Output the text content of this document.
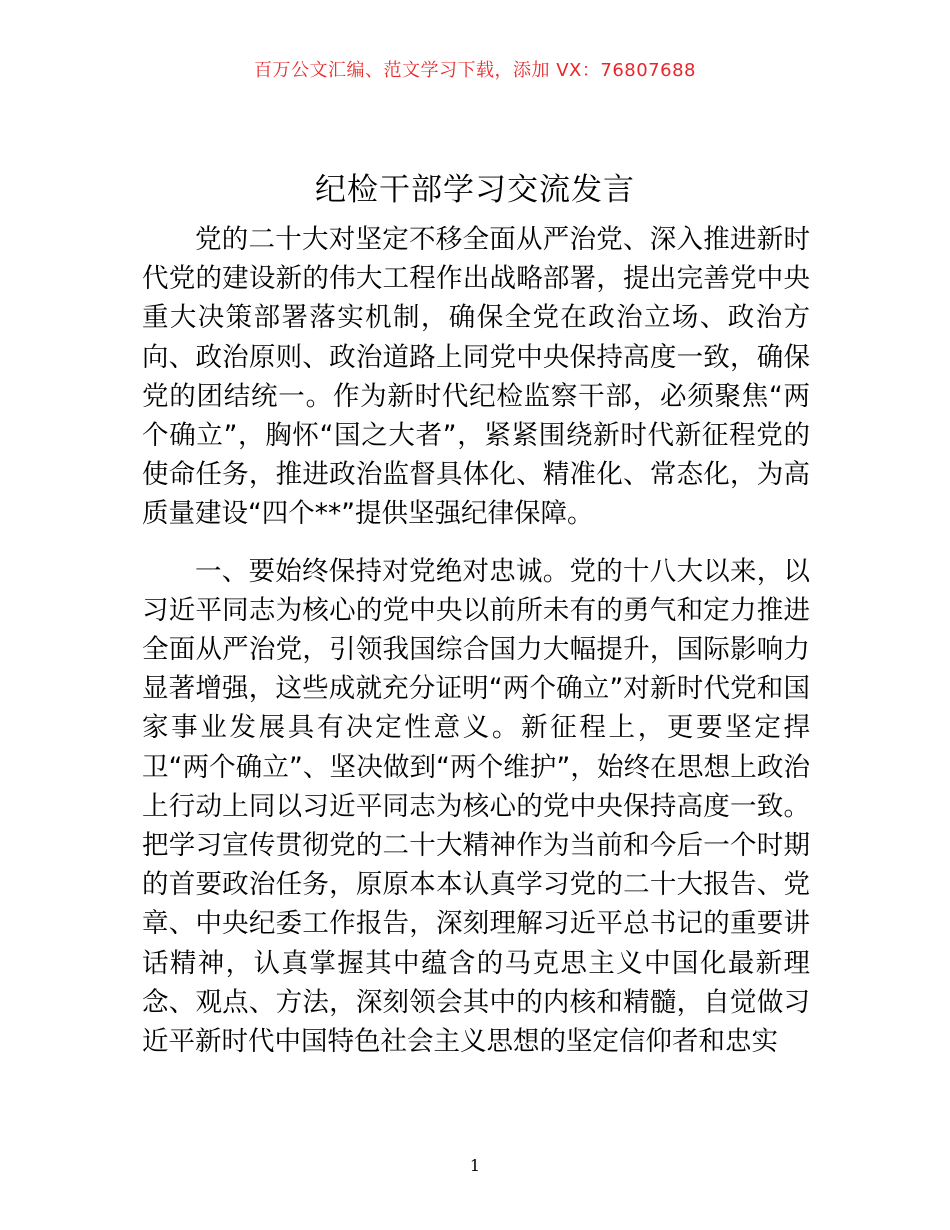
百万公文汇编、范文学习下载，添加 VX：76807688
纪检干部学习交流发言

党的二十大对坚定不移全面从严治党、深入推进新时代党的建设新的伟大工程作出战略部署，提出完善党中央重大决策部署落实机制，确保全党在政治立场、政治方向、政治原则、政治道路上同党中央保持高度一致，确保党的团结统一。作为新时代纪检监察干部，必须聚焦“两个确立”，胸怀“国之大者”，紧紧围绕新时代新征程党的使命任务，推进政治监督具体化、精准化、常态化，为高质量建设“四个**”提供坚强纪律保障。

一、要始终保持对党绝对忠诚。党的十八大以来，以习近平同志为核心的党中央以前所未有的勇气和定力推进全面从严治党，引领我国综合国力大幅提升，国际影响力显著增强，这些成就充分证明“两个确立”对新时代党和国家事业发展具有决定性意义。新征程上，更要坚定捍卫“两个确立”、坚决做到“两个维护”，始终在思想上政治上行动上同以习近平同志为核心的党中央保持高度一致。把学习宣传贯彻党的二十大精神作为当前和今后一个时期的首要政治任务，原原本本认真学习党的二十大报告、党章、中央纪委工作报告，深刻理解习近平总书记的重要讲话精神，认真掌握其中蕴含的马克思主义中国化最新理念、观点、方法，深刻领会其中的内核和精髓，自觉做习近平新时代中国特色社会主义思想的坚定信仰者和忠实

1
